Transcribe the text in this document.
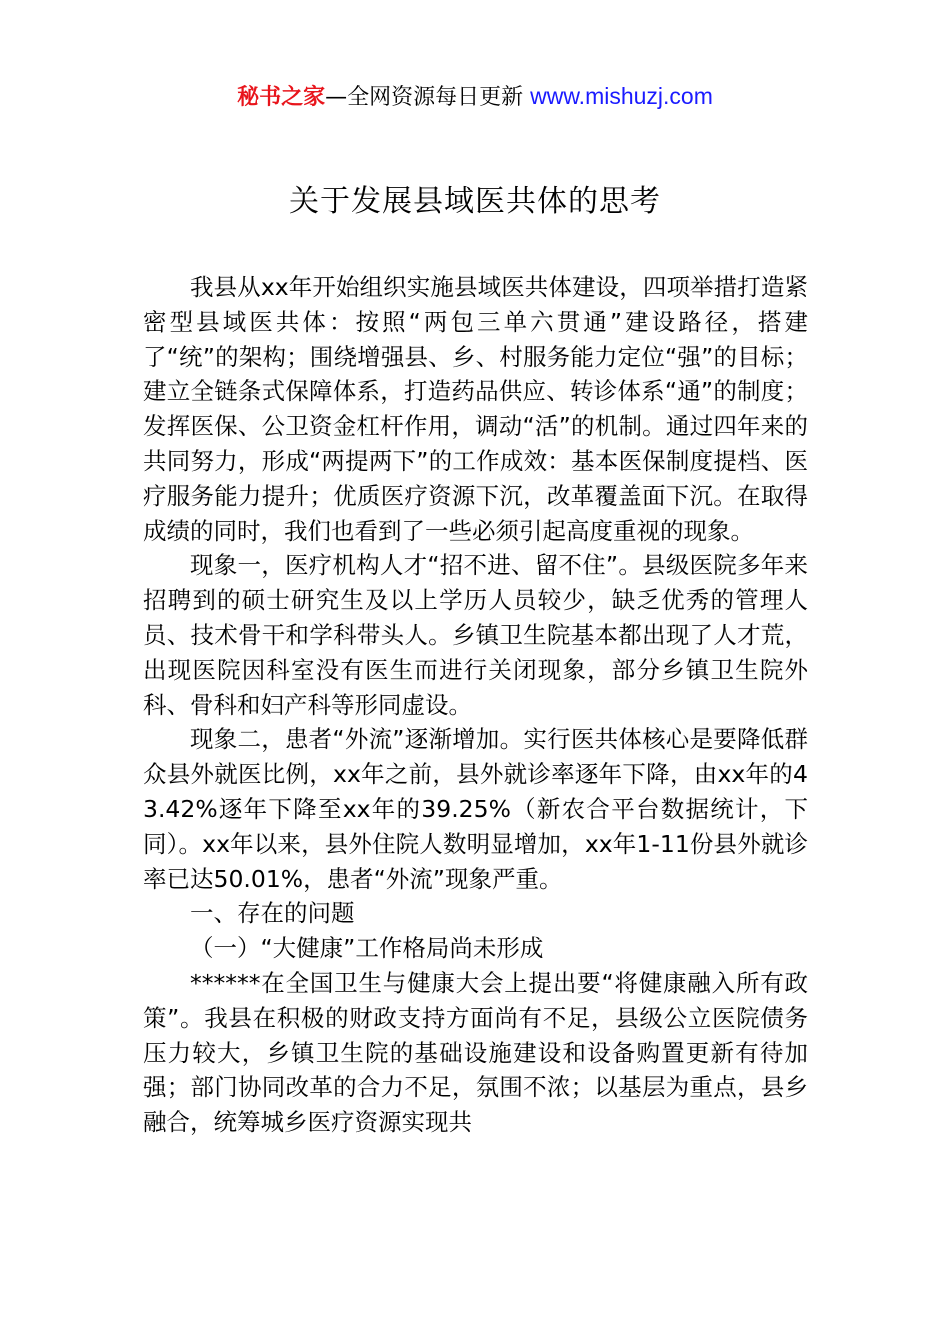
秘书之家—全网资源每日更新 www.mishuzj.com
关于发展县域医共体的思考

我县从xx年开始组织实施县域医共体建设，四项举措打造紧密型县域医共体：按照“两包三单六贯通”建设路径，搭建了“统”的架构；围绕增强县、乡、村服务能力定位“强”的目标；建立全链条式保障体系，打造药品供应、转诊体系“通”的制度；发挥医保、公卫资金杠杆作用，调动“活”的机制。通过四年来的共同努力，形成“两提两下”的工作成效：基本医保制度提档、医疗服务能力提升；优质医疗资源下沉，改革覆盖面下沉。在取得成绩的同时，我们也看到了一些必须引起高度重视的现象。

现象一，医疗机构人才“招不进、留不住”。县级医院多年来招聘到的硕士研究生及以上学历人员较少，缺乏优秀的管理人员、技术骨干和学科带头人。乡镇卫生院基本都出现了人才荒，出现医院因科室没有医生而进行关闭现象，部分乡镇卫生院外科、骨科和妇产科等形同虚设。

现象二，患者“外流”逐渐增加。实行医共体核心是要降低群众县外就医比例，xx年之前，县外就诊率逐年下降，由xx年的43.42%逐年下降至xx年的39.25%（新农合平台数据统计，下同）。xx年以来，县外住院人数明显增加，xx年1-11份县外就诊率已达50.01%，患者“外流”现象严重。

一、存在的问题

（一）“大健康”工作格局尚未形成

******在全国卫生与健康大会上提出要“将健康融入所有政策”。我县在积极的财政支持方面尚有不足，县级公立医院债务压力较大，乡镇卫生院的基础设施建设和设备购置更新有待加强；部门协同改革的合力不足，氛围不浓；以基层为重点，县乡融合，统筹城乡医疗资源实现共
